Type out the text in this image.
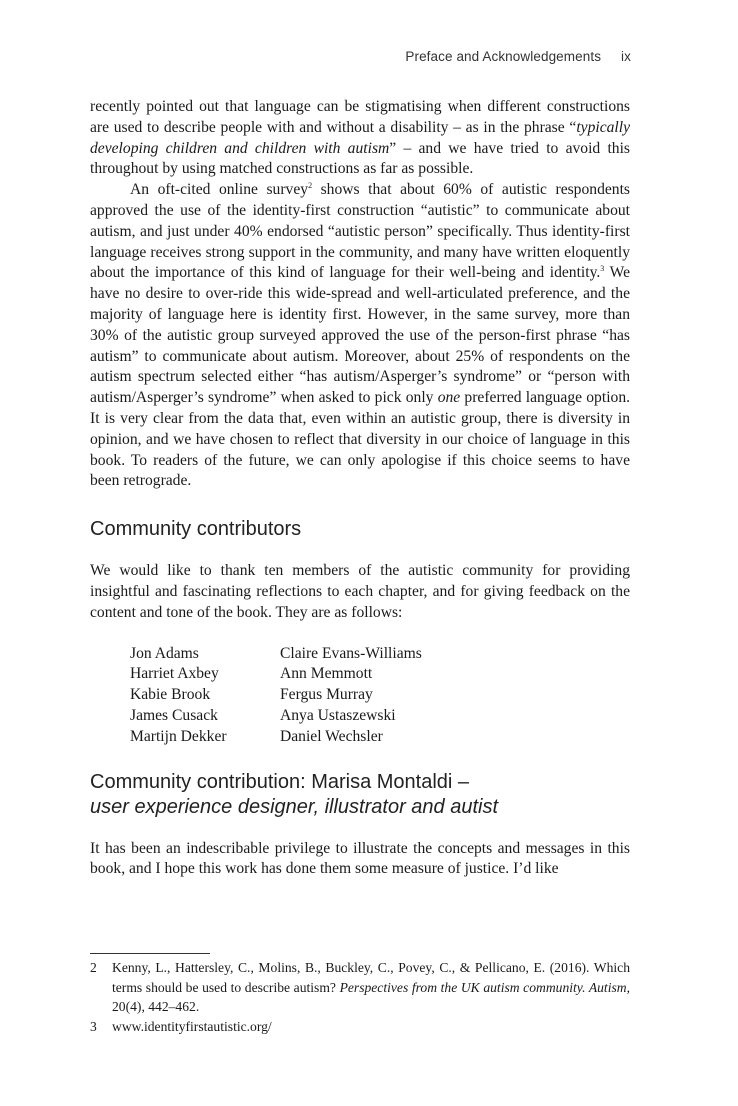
Preface and Acknowledgements ix

recently pointed out that language can be stigmatising when different constructions are used to describe people with and without a disability – as in the phrase “typically developing children and children with autism” – and we have tried to avoid this throughout by using matched constructions as far as possible.

An oft-cited online survey$^2$ shows that about 60% of autistic respondents approved the use of the identity-first construction “autistic” to communicate about autism, and just under 40% endorsed “autistic person” specifically. Thus identity-first language receives strong support in the community, and many have written eloquently about the importance of this kind of language for their well-being and identity.$^3$ We have no desire to over-ride this wide-spread and well-articulated preference, and the majority of language here is identity first. However, in the same survey, more than 30% of the autistic group surveyed approved the use of the person-first phrase “has autism” to communicate about autism. Moreover, about 25% of respondents on the autism spectrum selected either “has autism/Asperger’s syndrome” or “person with autism/Asperger’s syndrome” when asked to pick only one preferred language option. It is very clear from the data that, even within an autistic group, there is diversity in opinion, and we have chosen to reflect that diversity in our choice of language in this book. To readers of the future, we can only apologise if this choice seems to have been retrograde.

Community contributors

We would like to thank ten members of the autistic community for providing insightful and fascinating reflections to each chapter, and for giving feedback on the content and tone of the book. They are as follows:

Jon Adams	Claire Evans-Williams
Harriet Axbey	Ann Memmott
Kabie Brook	Fergus Murray
James Cusack	Anya Ustaszewski
Martijn Dekker	Daniel Wechsler
Community contribution: Marisa Montaldi –
user experience designer, illustrator and autist

It has been an indescribable privilege to illustrate the concepts and messages in this book, and I hope this work has done them some measure of justice. I’d like

2	Kenny, L., Hattersley, C., Molins, B., Buckley, C., Povey, C., & Pellicano, E. (2016). Which terms should be used to describe autism? Perspectives from the UK autism community. Autism, 20(4), 442–462.
3	www.identityfirstautistic.org/
